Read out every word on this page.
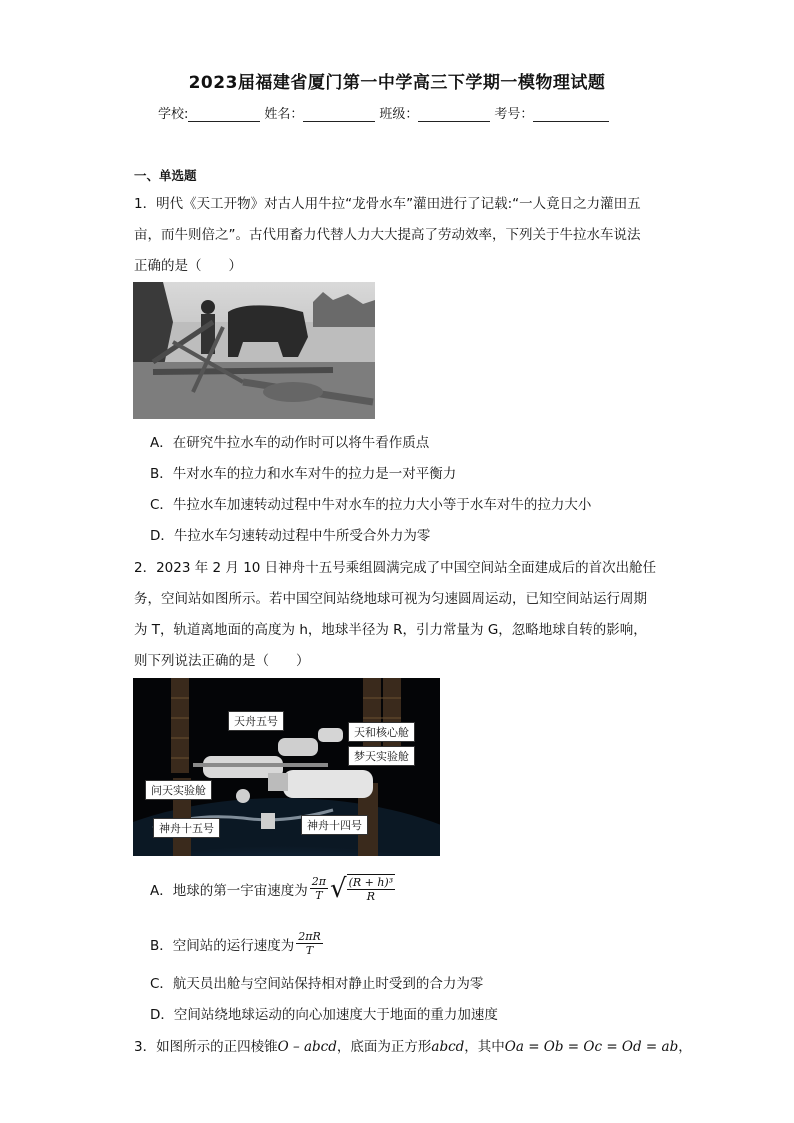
2023届福建省厦门第一中学高三下学期一模物理试题
学校:	姓名：	班级：	考号：
一、单选题
1．明代《天工开物》对古人用牛拉“龙骨水车”灌田进行了记载:“一人竟日之力灌田五
亩，而牛则倍之”。古代用畜力代替人力大大提高了劳动效率，下列关于牛拉水车说法
正确的是（　　）
A．在研究牛拉水车的动作时可以将牛看作质点
B．牛对水车的拉力和水车对牛的拉力是一对平衡力
C．牛拉水车加速转动过程中牛对水车的拉力大小等于水车对牛的拉力大小
D．牛拉水车匀速转动过程中牛所受合外力为零
2．2023 年 2 月 10 日神舟十五号乘组圆满完成了中国空间站全面建成后的首次出舱任
务，空间站如图所示。若中国空间站绕地球可视为匀速圆周运动，已知空间站运行周期
为 T，轨道离地面的高度为 h，地球半径为 R，引力常量为 G，忽略地球自转的影响，
则下列说法正确的是（　　）
天舟五号
天和核心舱
梦天实验舱
问天实验舱
神舟十五号	神舟十四号
A．地球的第一宇宙速度为 $\frac{2\pi}{T}$ √ $\frac{\text{(R + h)³}}{R}$
B．空间站的运行速度为 $\frac{2\pi R}{T}$
C．航天员出舱与空间站保持相对静止时受到的合力为零
D．空间站绕地球运动的向心加速度大于地面的重力加速度
3．如图所示的正四棱锥O – abcd，底面为正方形abcd，其中Oa = Ob = Oc = Od = ab，
